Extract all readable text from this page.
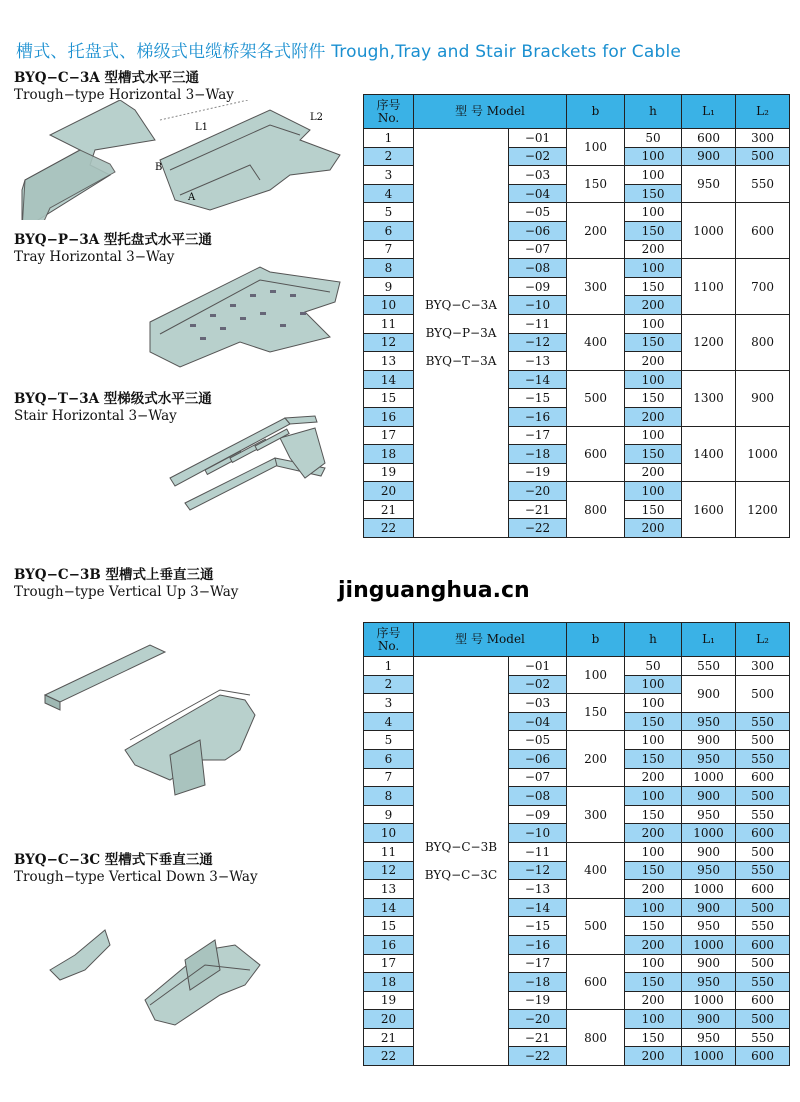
槽式、托盘式、梯级式电缆桥架各式附件 Trough,Tray and Stair Brackets for Cable
BYQ−C−3A 型槽式水平三通
Trough−type Horizontal 3−Way
BYQ−P−3A 型托盘式水平三通
Tray Horizontal 3−Way
BYQ−T−3A 型梯级式水平三通
Stair Horizontal 3−Way
BYQ−C−3B 型槽式上垂直三通
Trough−type Vertical Up 3−Way
BYQ−C−3C 型槽式下垂直三通
Trough−type Vertical Down 3−Way
L1
L2
A
B
jinguanghua.cn
序号
No.	型 号 Model		b	h	L₁	L₂
1	BYQ−C−3A
BYQ−P−3A
BYQ−T−3A	−01	100	50	600	300
2		−02		100	900	500
3		−03	150	100	950	550
4		−04		150		
5		−05	200	100	1000	600
6		−06		150		
7		−07		200		
8		−08	300	100	1100	700
9		−09		150		
10		−10		200		
11		−11	400	100	1200	800
12		−12		150		
13		−13		200		
14		−14	500	100	1300	900
15		−15		150		
16		−16		200		
17		−17	600	100	1400	1000
18		−18		150		
19		−19		200		
20		−20	800	100	1600	1200
21		−21		150		
22		−22		200		
序号
No.	型 号 Model		b	h	L₁	L₂
1	BYQ−C−3B
BYQ−C−3C	−01	100	50	550	300
2		−02		100	900	500
3		−03	150	100		
4		−04		150	950	550
5		−05	200	100	900	500
6		−06		150	950	550
7		−07		200	1000	600
8		−08	300	100	900	500
9		−09		150	950	550
10		−10		200	1000	600
11		−11	400	100	900	500
12		−12		150	950	550
13		−13		200	1000	600
14		−14	500	100	900	500
15		−15		150	950	550
16		−16		200	1000	600
17		−17	600	100	900	500
18		−18		150	950	550
19		−19		200	1000	600
20		−20	800	100	900	500
21		−21		150	950	550
22		−22		200	1000	600
